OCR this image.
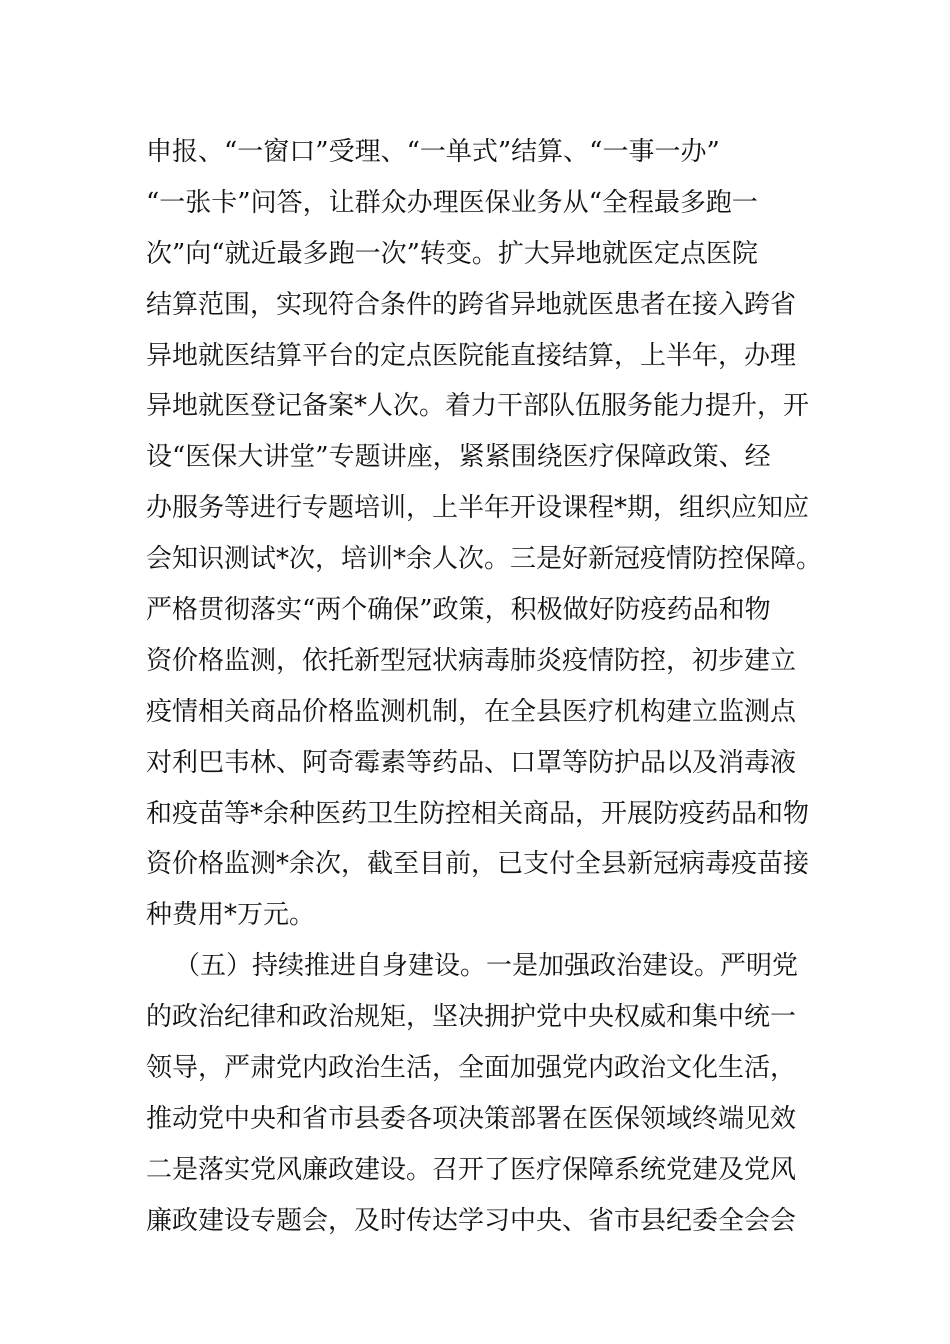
申报、“一窗口”受理、“一单式”结算、“一事一办”
“一张卡”问答，让群众办理医保业务从“全程最多跑一
次”向“就近最多跑一次”转变。扩大异地就医定点医院
结算范围，实现符合条件的跨省异地就医患者在接入跨省
异地就医结算平台的定点医院能直接结算，上半年，办理
异地就医登记备案*人次。着力干部队伍服务能力提升，开
设“医保大讲堂”专题讲座，紧紧围绕医疗保障政策、经
办服务等进行专题培训，上半年开设课程*期，组织应知应
会知识测试*次，培训*余人次。三是好新冠疫情防控保障。
严格贯彻落实“两个确保”政策，积极做好防疫药品和物
资价格监测，依托新型冠状病毒肺炎疫情防控，初步建立
疫情相关商品价格监测机制，在全县医疗机构建立监测点
对利巴韦林、阿奇霉素等药品、口罩等防护品以及消毒液
和疫苗等*余种医药卫生防控相关商品，开展防疫药品和物
资价格监测*余次，截至目前，已支付全县新冠病毒疫苗接
种费用*万元。
（五）持续推进自身建设。一是加强政治建设。严明党
的政治纪律和政治规矩，坚决拥护党中央权威和集中统一
领导，严肃党内政治生活，全面加强党内政治文化生活，
推动党中央和省市县委各项决策部署在医保领域终端见效
二是落实党风廉政建设。召开了医疗保障系统党建及党风
廉政建设专题会，及时传达学习中央、省市县纪委全会会
